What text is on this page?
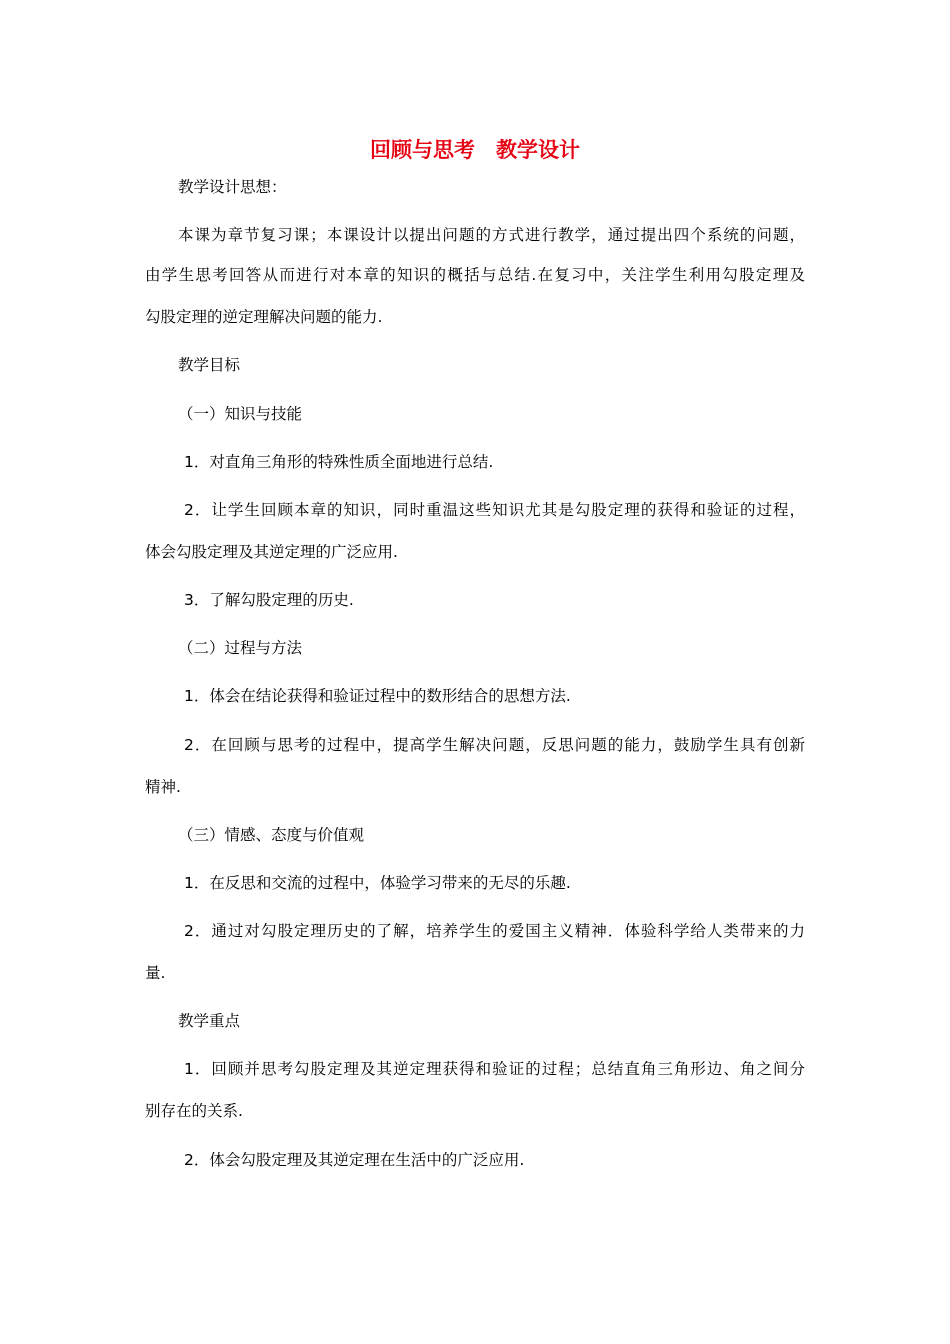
回顾与思考　教学设计
教学设计思想：
本课为章节复习课；本课设计以提出问题的方式进行教学，通过提出四个系统的问题，
由学生思考回答从而进行对本章的知识的概括与总结.在复习中，关注学生利用勾股定理及
勾股定理的逆定理解决问题的能力.
教学目标
（一）知识与技能
1．对直角三角形的特殊性质全面地进行总结.
2．让学生回顾本章的知识，同时重温这些知识尤其是勾股定理的获得和验证的过程，
体会勾股定理及其逆定理的广泛应用.
3．了解勾股定理的历史.
（二）过程与方法
1．体会在结论获得和验证过程中的数形结合的思想方法.
2．在回顾与思考的过程中，提高学生解决问题，反思问题的能力，鼓励学生具有创新
精神.
（三）情感、态度与价值观
1．在反思和交流的过程中，体验学习带来的无尽的乐趣.
2．通过对勾股定理历史的了解，培养学生的爱国主义精神．体验科学给人类带来的力
量.
教学重点
1．回顾并思考勾股定理及其逆定理获得和验证的过程；总结直角三角形边、角之间分
别存在的关系.
2．体会勾股定理及其逆定理在生活中的广泛应用.
